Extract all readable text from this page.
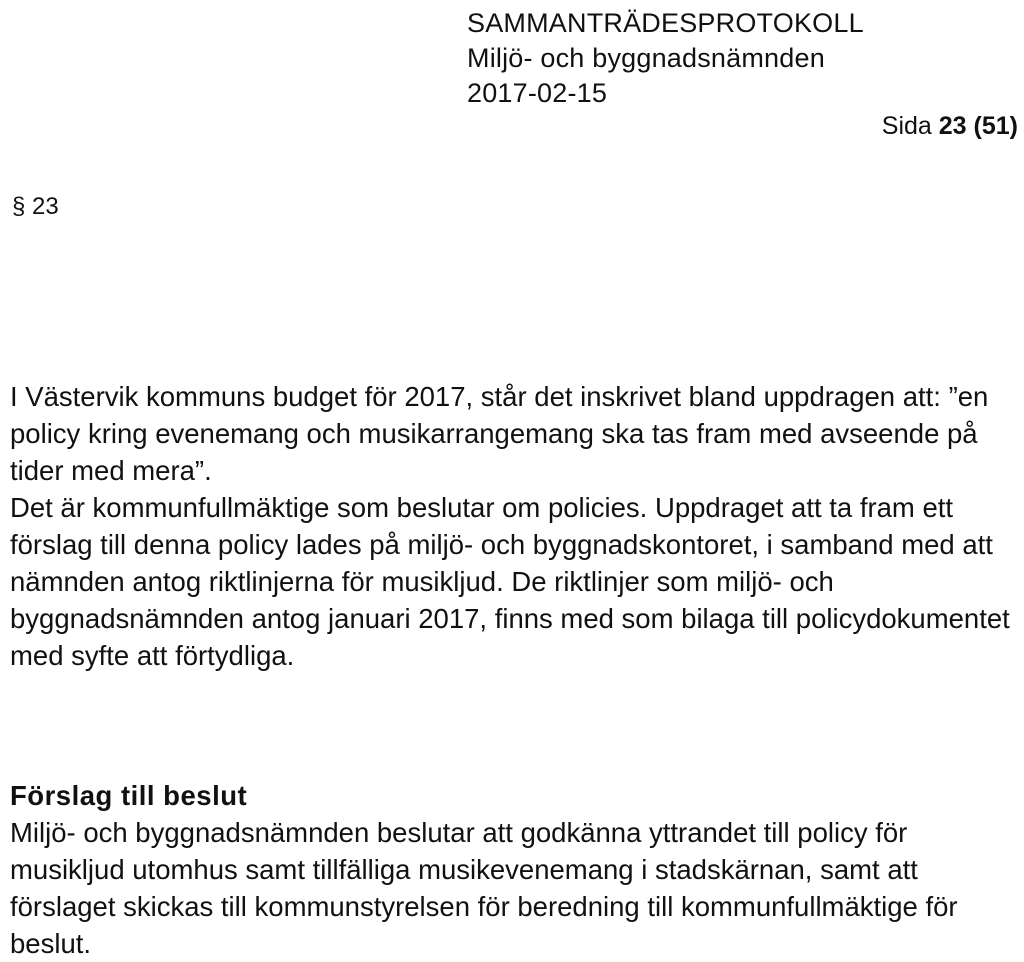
SAMMANTRÄDESPROTOKOLL
Miljö- och byggnadsnämnden
2017-02-15
Sida 23 (51)
§ 23

I Västervik kommuns budget för 2017, står det inskrivet bland uppdragen att: ”en policy kring evenemang och musikarrangemang ska tas fram med avseende på tider med mera”.

Det är kommunfullmäktige som beslutar om policies. Uppdraget att ta fram ett förslag till denna policy lades på miljö- och byggnadskontoret, i samband med att nämnden antog riktlinjerna för musikljud. De riktlinjer som miljö- och byggnadsnämnden antog januari 2017, finns med som bilaga till policydokumentet med syfte att förtydliga.

Förslag till beslut

Miljö- och byggnadsnämnden beslutar att godkänna yttrandet till policy för musikljud utomhus samt tillfälliga musikevenemang i stadskärnan, samt att förslaget skickas till kommunstyrelsen för beredning till kommunfullmäktige för beslut.
